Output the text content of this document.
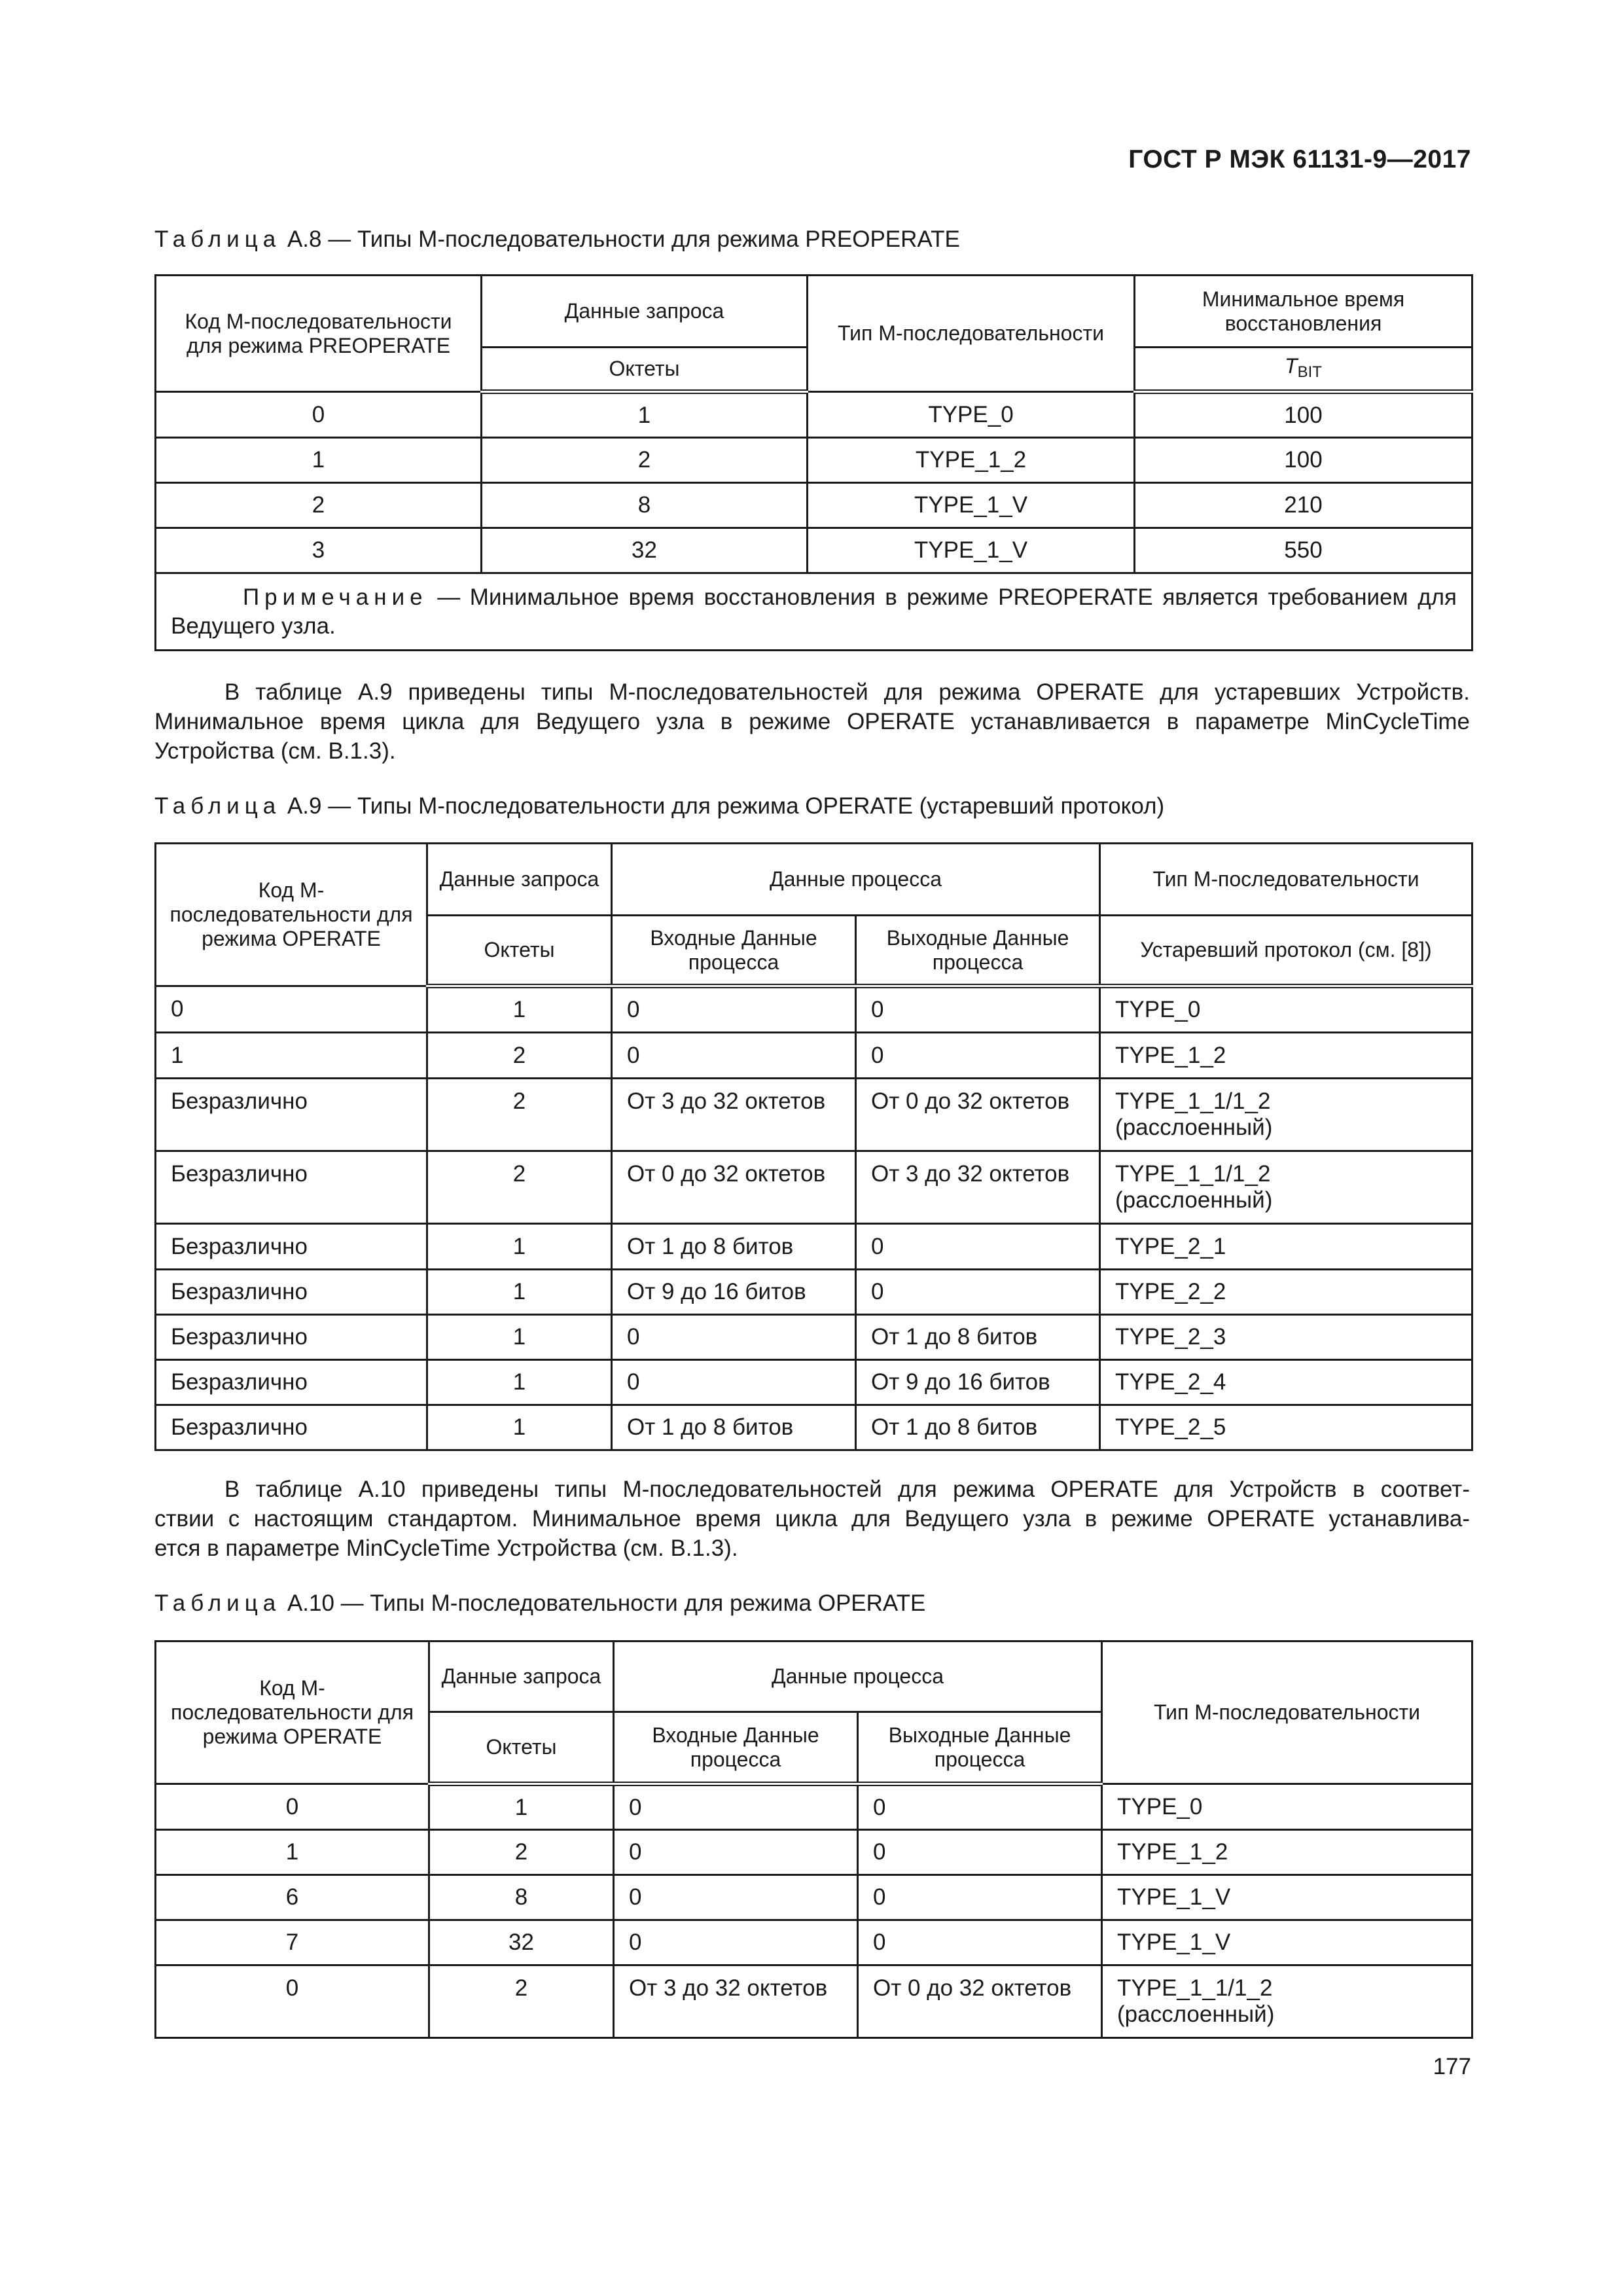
ГОСТ Р МЭК 61131-9—2017
Таблица А.8 — Типы М-последовательности для режима PREOPERATE
Код М-последовательности для режима PREOPERATE	Данные запроса	Тип М-последовательности	Минимальное время восстановления
	Октеты		$T_{BIT}$
0	1	TYPE_0	100
1	2	TYPE_1_2	100
2	8	TYPE_1_V	210
3	32	TYPE_1_V	550
Примечание — Минимальное время восстановления в режиме PREOPERATE является требованием для Ведущего узла.			
В таблице А.9 приведены типы М-последовательностей для режима OPERATE для устаревших Устройств.
Минимальное время цикла для Ведущего узла в режиме OPERATE устанавливается в параметре MinCycleTime
Устройства (см. В.1.3).
Таблица А.9 — Типы М-последовательности для режима OPERATE (устаревший протокол)
Код М-последовательности для режима OPERATE	Данные запроса	Данные процесса		Тип М-последовательности
	Октеты	Входные Данные процесса	Выходные Данные процесса	Устаревший протокол (см. [8])
0	1	0	0	TYPE_0
1	2	0	0	TYPE_1_2
Безразлично	2	От 3 до 32 октетов	От 0 до 32 октетов	TYPE_1_1/1_2
(расслоенный)

Безразлично	2	От 0 до 32 октетов	От 3 до 32 октетов	TYPE_1_1/1_2
(расслоенный)

Безразлично	1	От 1 до 8 битов	0	TYPE_2_1
Безразлично	1	От 9 до 16 битов	0	TYPE_2_2
Безразлично	1	0	От 1 до 8 битов	TYPE_2_3
Безразлично	1	0	От 9 до 16 битов	TYPE_2_4
Безразлично	1	От 1 до 8 битов	От 1 до 8 битов	TYPE_2_5
В таблице А.10 приведены типы М-последовательностей для режима OPERATE для Устройств в соответ-
ствии с настоящим стандартом. Минимальное время цикла для Ведущего узла в режиме OPERATE устанавлива-
ется в параметре MinCycleTime Устройства (см. В.1.3).
Таблица А.10 — Типы М-последовательности для режима OPERATE
Код М-последовательности для режима OPERATE	Данные запроса	Данные процесса		Тип М-последовательности
	Октеты	Входные Данные процесса	Выходные Данные процесса	
0	1	0	0	TYPE_0
1	2	0	0	TYPE_1_2
6	8	0	0	TYPE_1_V
7	32	0	0	TYPE_1_V
0	2	От 3 до 32 октетов	От 0 до 32 октетов	TYPE_1_1/1_2
(расслоенный)
177
